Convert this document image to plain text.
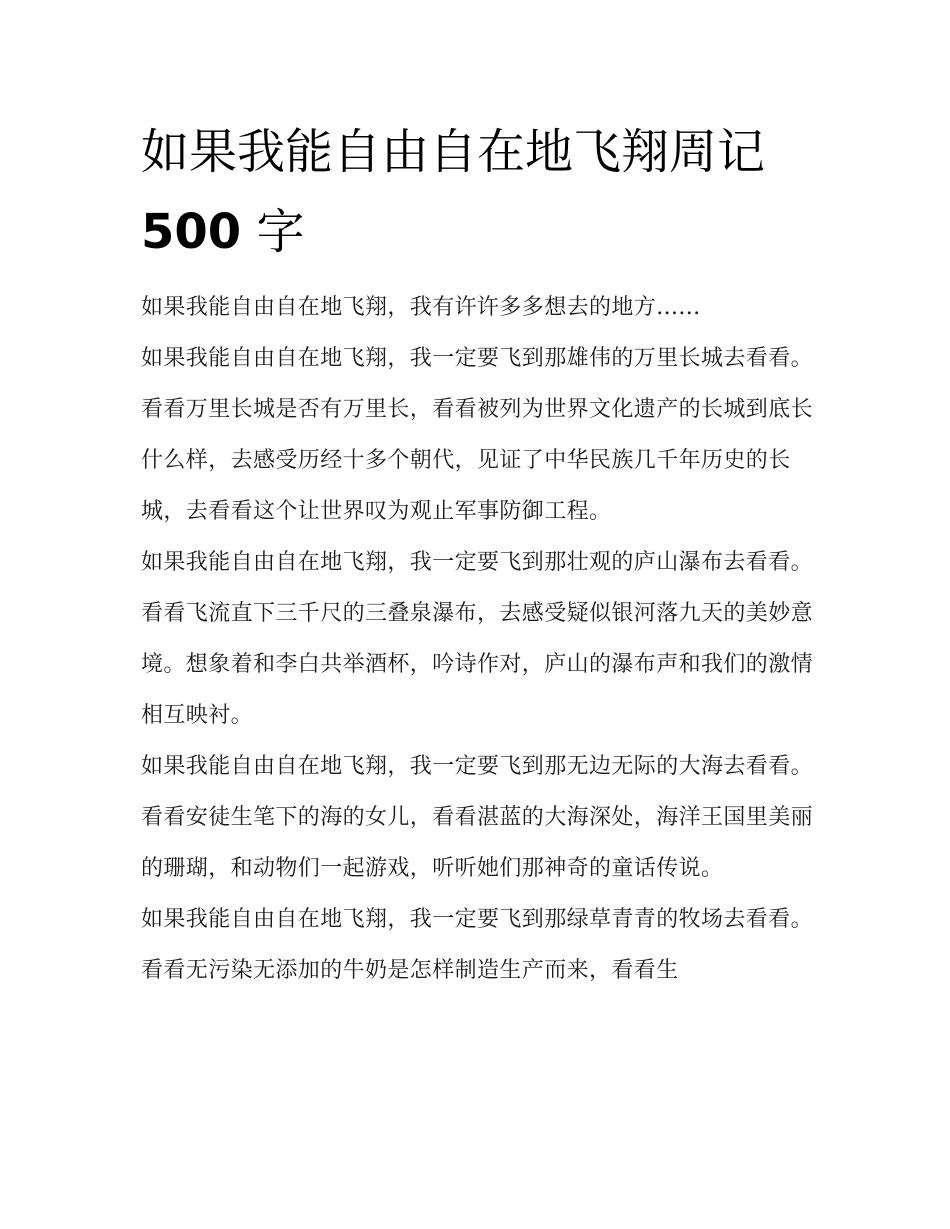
如果我能自由自在地飞翔周记500 字

如果我能自由自在地飞翔，我有许许多多想去的地方......

如果我能自由自在地飞翔，我一定要飞到那雄伟的万里长城去看看。看看万里长城是否有万里长，看看被列为世界文化遗产的长城到底长什么样，去感受历经十多个朝代，见证了中华民族几千年历史的长城，去看看这个让世界叹为观止军事防御工程。

如果我能自由自在地飞翔，我一定要飞到那壮观的庐山瀑布去看看。看看飞流直下三千尺的三叠泉瀑布，去感受疑似银河落九天的美妙意境。想象着和李白共举酒杯，吟诗作对，庐山的瀑布声和我们的激情相互映衬。

如果我能自由自在地飞翔，我一定要飞到那无边无际的大海去看看。看看安徒生笔下的海的女儿，看看湛蓝的大海深处，海洋王国里美丽的珊瑚，和动物们一起游戏，听听她们那神奇的童话传说。

如果我能自由自在地飞翔，我一定要飞到那绿草青青的牧场去看看。看看无污染无添加的牛奶是怎样制造生产而来，看看生
